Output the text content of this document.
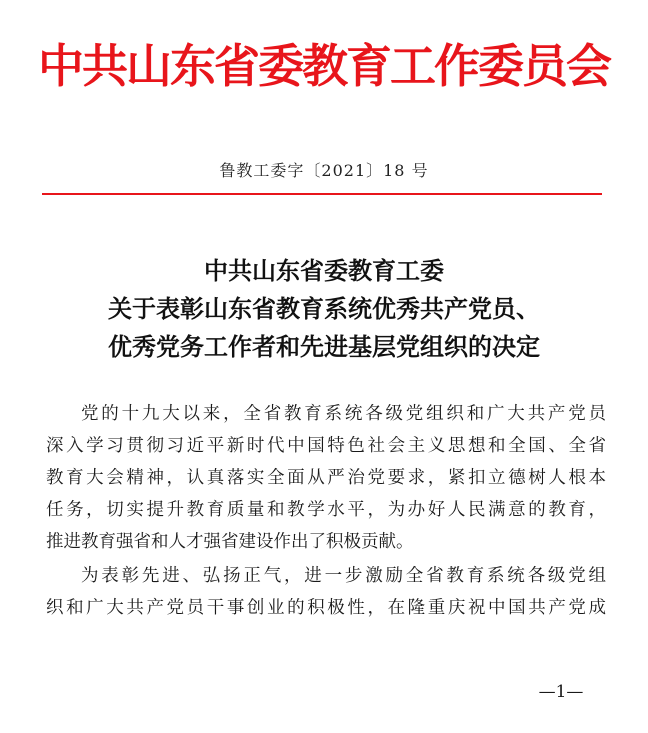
中共山东省委教育工作委员会
鲁教工委字〔2021〕18 号
中共山东省委教育工委
关于表彰山东省教育系统优秀共产党员、
优秀党务工作者和先进基层党组织的决定
党的十九大以来，全省教育系统各级党组织和广大共产党员
深入学习贯彻习近平新时代中国特色社会主义思想和全国、全省
教育大会精神，认真落实全面从严治党要求，紧扣立德树人根本
任务，切实提升教育质量和教学水平，为办好人民满意的教育，
推进教育强省和人才强省建设作出了积极贡献。
为表彰先进、弘扬正气，进一步激励全省教育系统各级党组
织和广大共产党员干事创业的积极性，在隆重庆祝中国共产党成
—1—
